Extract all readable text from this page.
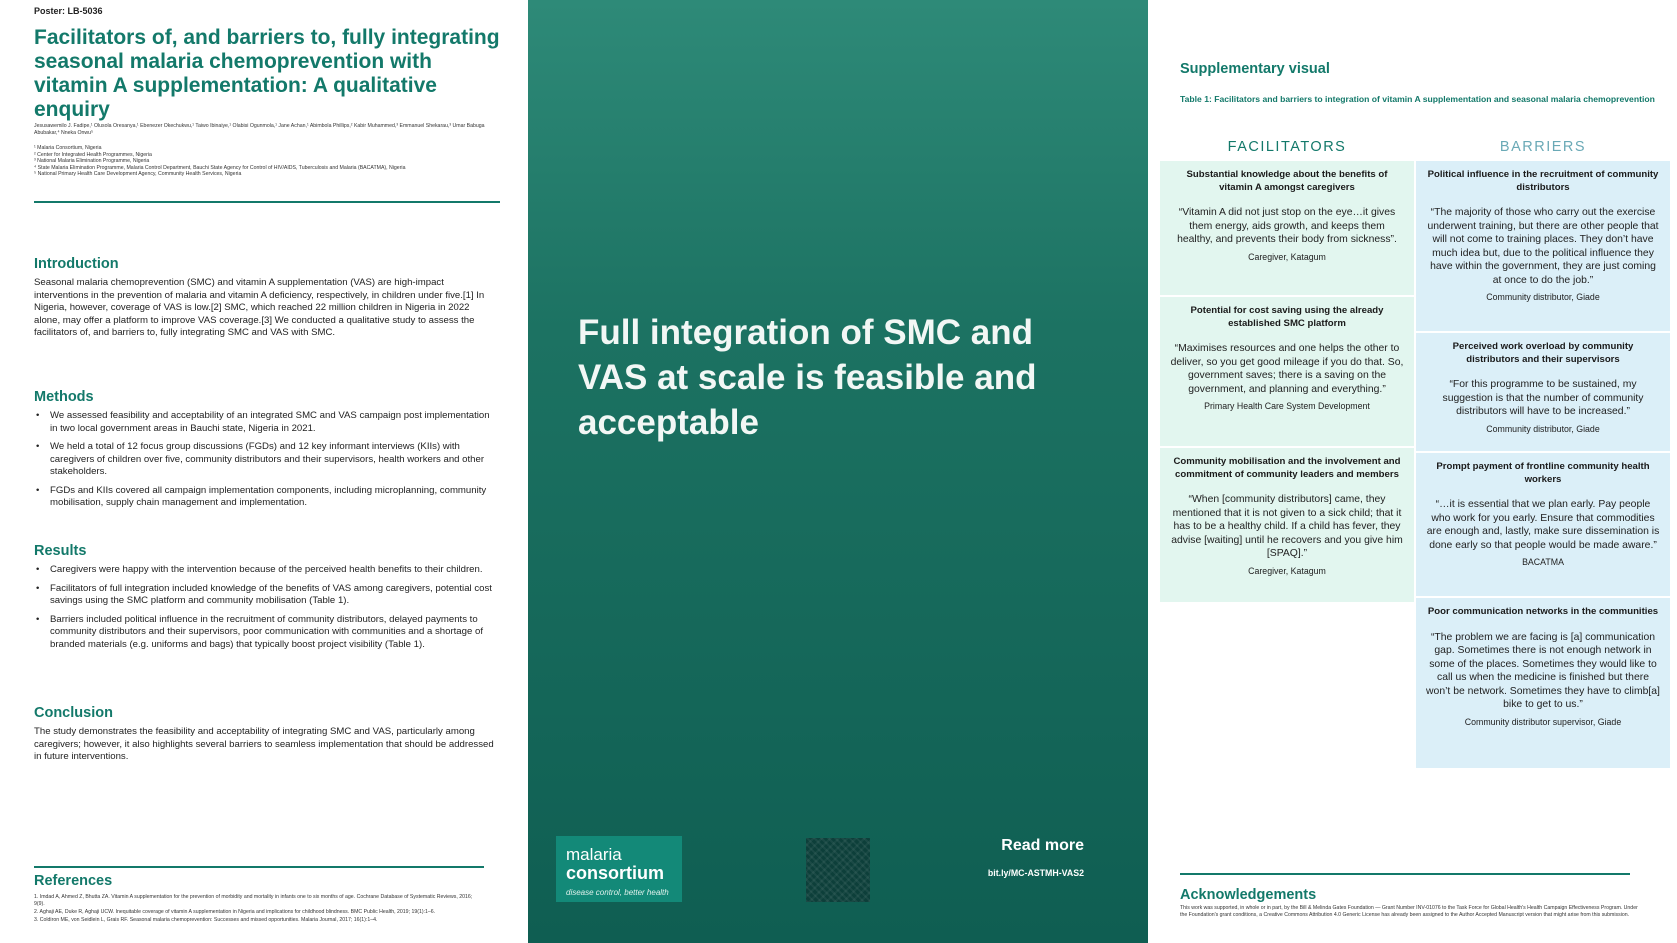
Poster: LB-5036
Facilitators of, and barriers to, fully integrating seasonal malaria chemoprevention with vitamin A supplementation: A qualitative enquiry
Jesusawemilo J. Fadipe,¹ Olusola Oresanya,¹ Ebenezer Okechukwu,¹ Taiwo Ibinaiye,¹ Olabisi Ogunmola,¹ Jane Achan,¹ Abimbola Phillips,² Kabir Muhammed,³ Emmanuel Shekarau,³ Umar Babuga Abubakar,⁴ Nneka Onwu⁵
¹ Malaria Consortium, Nigeria
² Center for Integrated Health Programmes, Nigeria
³ National Malaria Elimination Programme, Nigeria
⁴ State Malaria Elimination Programme, Malaria Control Department, Bauchi State Agency for Control of HIV/AIDS, Tuberculosis and Malaria (BACATMA), Nigeria
⁵ National Primary Health Care Development Agency, Community Health Services, Nigeria
Introduction

Seasonal malaria chemoprevention (SMC) and vitamin A supplementation (VAS) are high-impact interventions in the prevention of malaria and vitamin A deficiency, respectively, in children under five.[1] In Nigeria, however, coverage of VAS is low.[2] SMC, which reached 22 million children in Nigeria in 2022 alone, may offer a platform to improve VAS coverage.[3] We conducted a qualitative study to assess the facilitators of, and barriers to, fully integrating SMC and VAS with SMC.

Methods
• We assessed feasibility and acceptability of an integrated SMC and VAS campaign post implementation in two local government areas in Bauchi state, Nigeria in 2021.
• We held a total of 12 focus group discussions (FGDs) and 12 key informant interviews (KIIs) with caregivers of children over five, community distributors and their supervisors, health workers and other stakeholders.
• FGDs and KIIs covered all campaign implementation components, including microplanning, community mobilisation, supply chain management and implementation.
Results
• Caregivers were happy with the intervention because of the perceived health benefits to their children.
• Facilitators of full integration included knowledge of the benefits of VAS among caregivers, potential cost savings using the SMC platform and community mobilisation (Table 1).
• Barriers included political influence in the recruitment of community distributors, delayed payments to community distributors and their supervisors, poor communication with communities and a shortage of branded materials (e.g. uniforms and bags) that typically boost project visibility (Table 1).
Conclusion

The study demonstrates the feasibility and acceptability of integrating SMC and VAS, particularly among caregivers; however, it also highlights several barriers to seamless implementation that should be addressed in future interventions.

References
1. Imdad A, Ahmed Z, Bhutta ZA. Vitamin A supplementation for the prevention of morbidity and mortality in infants one to six months of age. Cochrane Database of Systematic Reviews, 2016; 9(9).
2. Aghaji AE, Duke R, Aghaji UCW. Inequitable coverage of vitamin A supplementation in Nigeria and implications for childhood blindness. BMC Public Health, 2019; 19(1):1–6.
3. Coldiron ME, von Seidlein L, Grais RF. Seasonal malaria chemoprevention: Successes and missed opportunities. Malaria Journal, 2017; 16(1):1–4.
Full integration of SMC and VAS at scale is feasible and acceptable
malaria
consortium
disease control, better health
Read more
bit.ly/MC-ASTMH-VAS2
Supplementary visual
Table 1: Facilitators and barriers to integration of vitamin A supplementation and seasonal malaria chemoprevention
FACILITATORS	BARRIERS
Substantial knowledge about the benefits of vitamin A amongst caregivers
“Vitamin A did not just stop on the eye…it gives them energy, aids growth, and keeps them healthy, and prevents their body from sickness”.
Caregiver, Katagum
Potential for cost saving using the already established SMC platform
“Maximises resources and one helps the other to deliver, so you get good mileage if you do that. So, government saves; there is a saving on the government, and planning and everything.”
Primary Health Care System Development
Community mobilisation and the involvement and commitment of community leaders and members
“When [community distributors] came, they mentioned that it is not given to a sick child; that it has to be a healthy child. If a child has fever, they advise [waiting] until he recovers and you give him [SPAQ].”
Caregiver, Katagum
Political influence in the recruitment of community distributors
“The majority of those who carry out the exercise underwent training, but there are other people that will not come to training places. They don’t have much idea but, due to the political influence they have within the government, they are just coming at once to do the job.”
Community distributor, Giade
Perceived work overload by community distributors and their supervisors
“For this programme to be sustained, my suggestion is that the number of community distributors will have to be increased.”
Community distributor, Giade
Prompt payment of frontline community health workers
“…it is essential that we plan early. Pay people who work for you early. Ensure that commodities are enough and, lastly, make sure dissemination is done early so that people would be made aware.”
BACATMA
Poor communication networks in the communities
“The problem we are facing is [a] communication gap. Sometimes there is not enough network in some of the places. Sometimes they would like to call us when the medicine is finished but there won’t be network. Sometimes they have to climb[a] bike to get to us.”
Community distributor supervisor, Giade
Acknowledgements
This work was supported, in whole or in part, by the Bill & Melinda Gates Foundation — Grant Number INV-01076 to the Task Force for Global Health's Health Campaign Effectiveness Program. Under the Foundation's grant conditions, a Creative Commons Attribution 4.0 Generic License has already been assigned to the Author Accepted Manuscript version that might arise from this submission.
